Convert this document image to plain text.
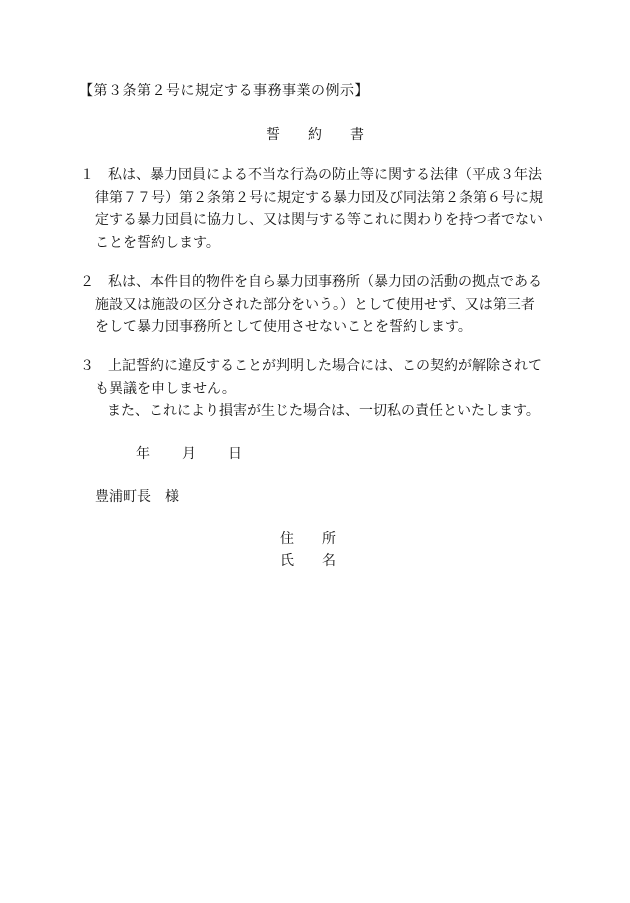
【第３条第２号に規定する事務事業の例示】
誓 約 書
１ 私は、暴力団員による不当な行為の防止等に関する法律（平成３年法
律第７７号）第２条第２号に規定する暴力団及び同法第２条第６号に規
定する暴力団員に協力し、又は関与する等これに関わりを持つ者でない
ことを誓約します。
２ 私は、本件目的物件を自ら暴力団事務所（暴力団の活動の拠点である
施設又は施設の区分された部分をいう。）として使用せず、又は第三者
をして暴力団事務所として使用させないことを誓約します。
３ 上記誓約に違反することが判明した場合には、この契約が解除されて
も異議を申しません。
また、これにより損害が生じた場合は、一切私の責任といたします。
年 月 日
豊浦町長　様
住 所
氏 名
